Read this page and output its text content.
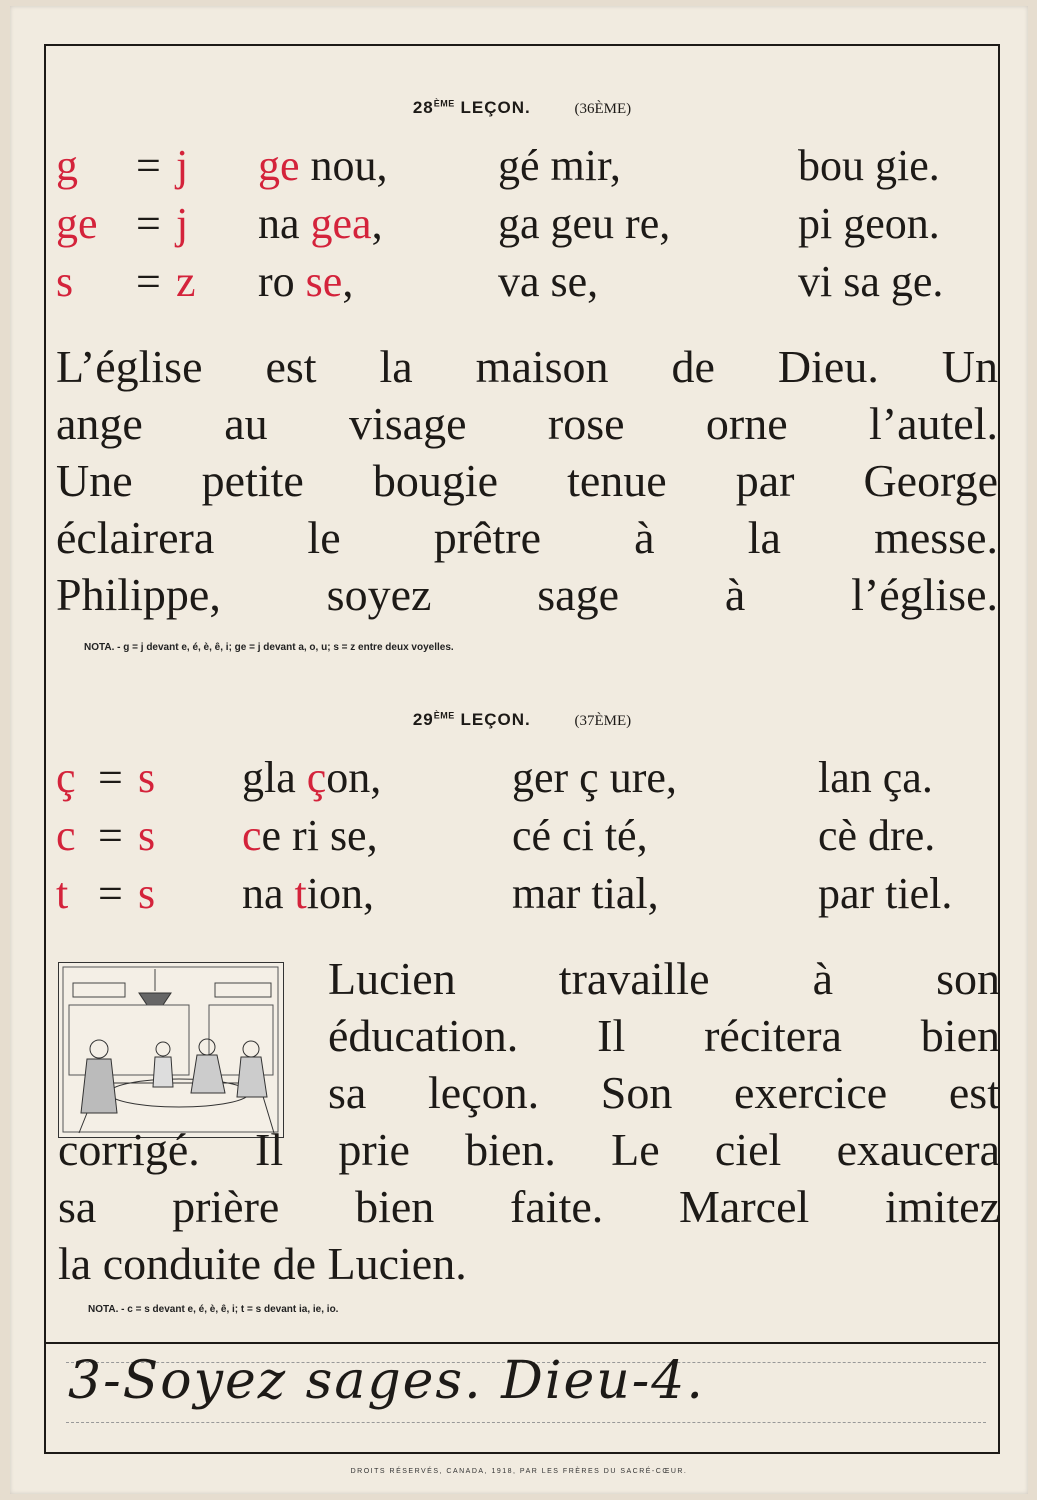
28ÈME LEÇON.	(36ÈME)
g = j ge nou,	gé mir,	bou gie.
ge = j na gea,	ga geu re,	pi geon.
s = z ro se,	va se,	vi sa ge.
L’église est la maison de Dieu. Un
ange au visage rose orne l’autel.
Une petite bougie tenue par George
éclairera le prêtre à la messe.
Philippe, soyez sage à l’église.
NOTA. - g = j devant e, é, è, ê, i; ge = j devant a, o, u; s = z entre deux voyelles.
29ÈME LEÇON.	(37ÈME)
ç = s gla çon,	ger ç ure,	lan ça.
c = s ce ri se,	cé ci té,	cè dre.
t = s na tion,	mar tial,	par tiel.
Lucien travaille à son
éducation. Il récitera bien
sa leçon. Son exercice est
corrigé. Il prie bien. Le ciel exaucera
sa prière bien faite. Marcel imitez
la conduite de Lucien.
NOTA. - c = s devant e, é, è, ê, i; t = s devant ia, ie, io.
3-Soyez sages. Dieu-4.
DROITS RÉSERVÉS, CANADA, 1918, PAR LES FRÈRES DU SACRÉ-CŒUR.
